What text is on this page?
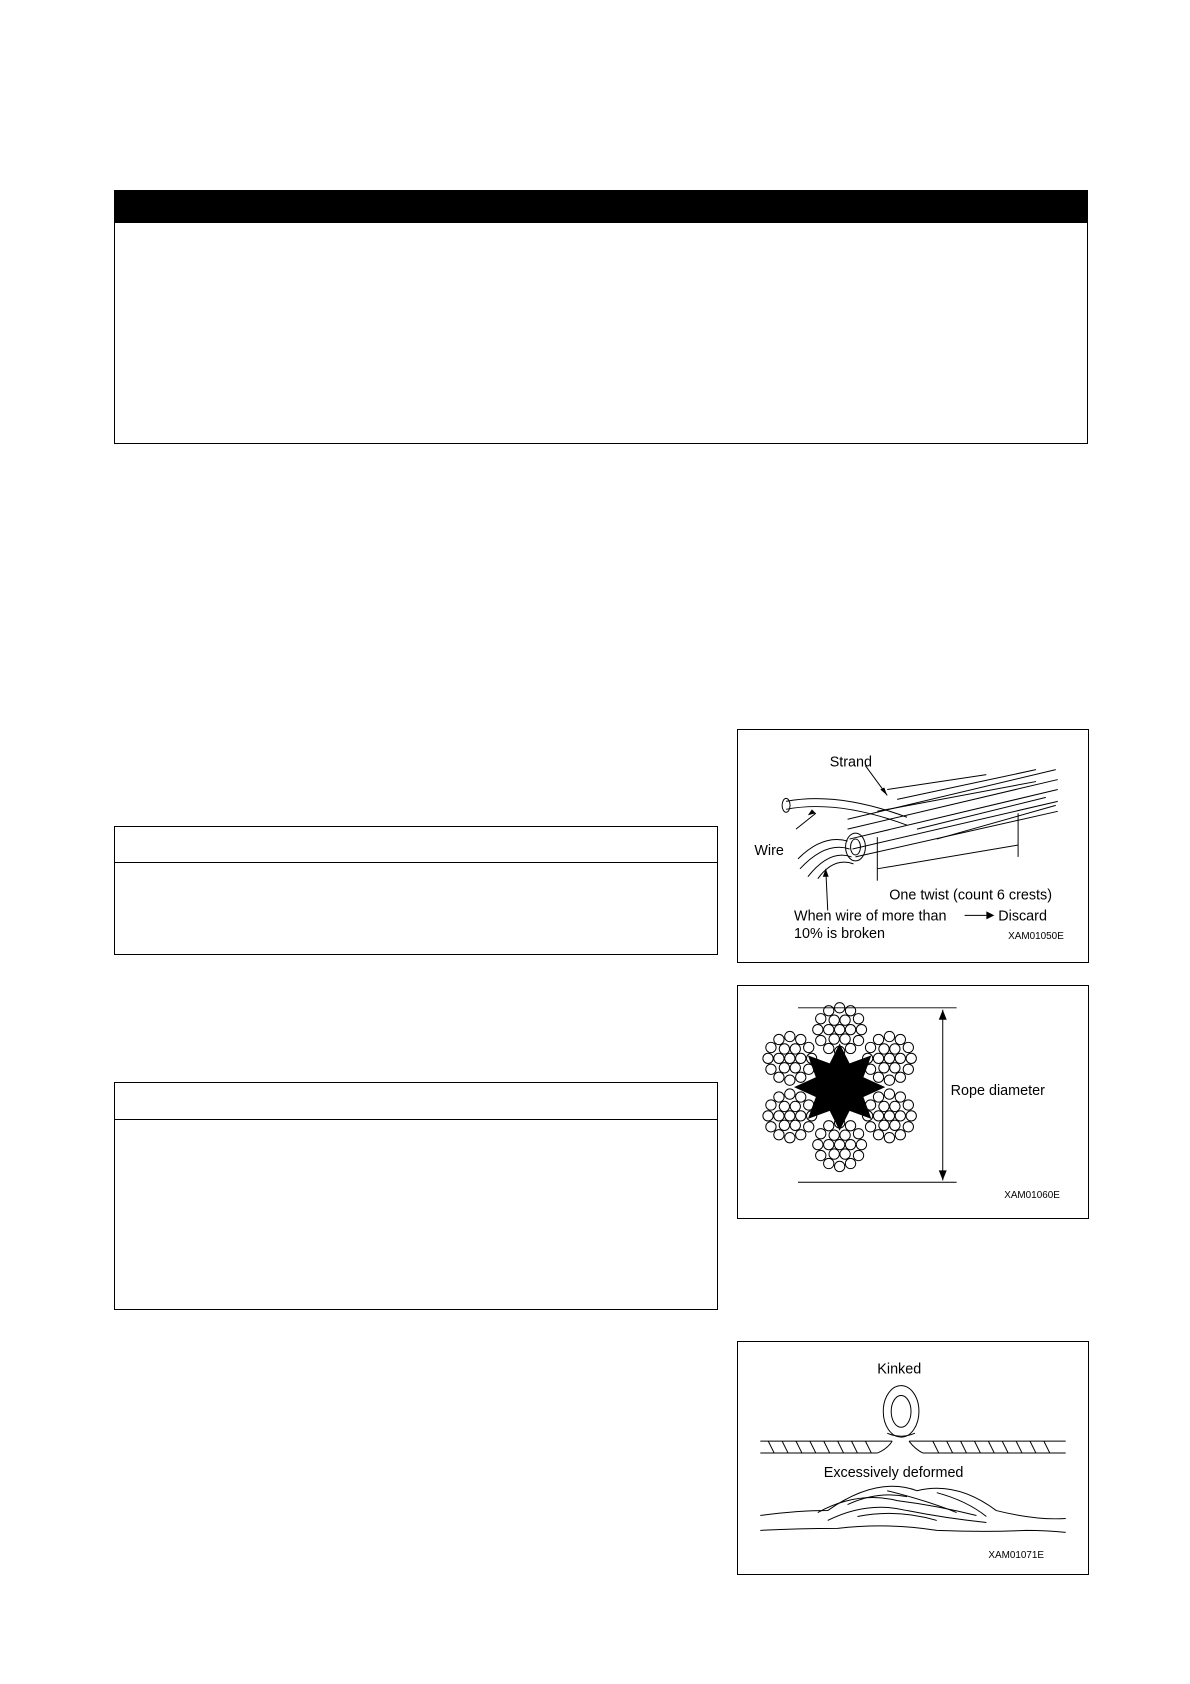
Strand
Wire
One twist (count 6 crests)
When wire of more than	Discard
10% is broken	XAM01050E
Rope diameter
XAM01060E
Kinked
Excessively deformed
XAM01071E
